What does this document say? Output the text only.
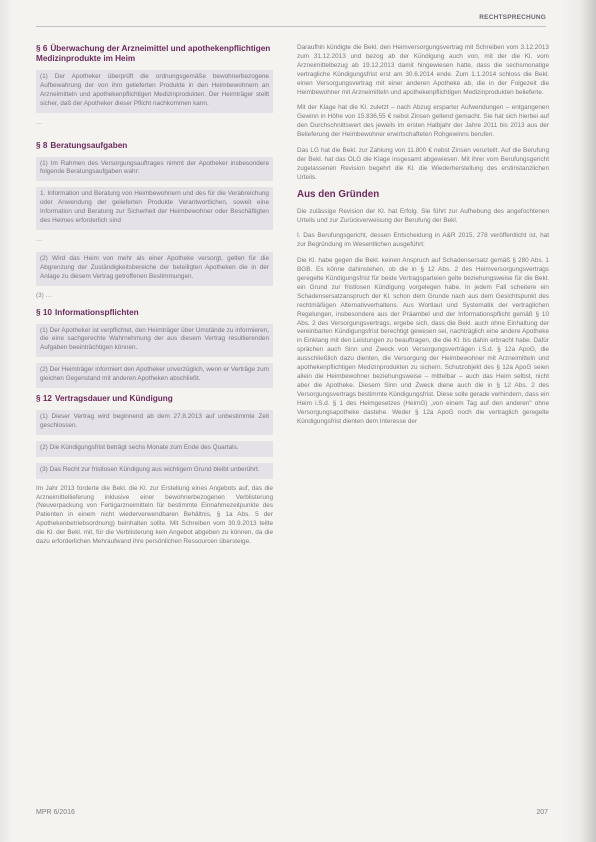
RECHTSPRECHUNG

§ 6 Überwachung der Arzneimittel und apothekenpflichtigen Medizinprodukte im Heim

(1) Der Apotheker überprüft die ordnungsgemäße bewohnerbezogene Aufbewahrung der von ihm gelieferten Produkte in den Heimbewohnern an Arzneimitteln und apothekenpflichtigen Medizinprodukten. Der Heimträger stellt sicher, daß der Apotheker dieser Pflicht nachkommen kann.

…

§ 8 Beratungsaufgaben

(1) Im Rahmen des Versorgungsauftrages nimmt der Apotheker insbesondere folgende Beratungsaufgaben wahr:

1. Information und Beratung von Heimbewohnern und des für die Verabreichung oder Anwendung der gelieferten Produkte Verantwortlichen, soweit eine Information und Beratung zur Sicherheit der Heimbewohner oder Beschäftigten des Heimes erforderlich sind

…

(2) Wird das Heim von mehr als einer Apotheke versorgt, gelten für die Abgrenzung der Zuständigkeitsbereiche der beteiligten Apotheken die in der Anlage zu diesem Vertrag getroffenen Bestimmungen.

(3) …

§ 10 Informationspflichten

(1) Der Apotheker ist verpflichtet, den Heimträger über Umstände zu informieren, die eine sachgerechte Wahrnehmung der aus diesem Vertrag resultierenden Aufgaben beeinträchtigen können.

(2) Der Heimträger informiert den Apotheker unverzüglich, wenn er Verträge zum gleichen Gegenstand mit anderen Apotheken abschließt.

§ 12 Vertragsdauer und Kündigung

(1) Dieser Vertrag wird beginnend ab dem 27.8.2013 auf unbestimmte Zeit geschlossen.

(2) Die Kündigungsfrist beträgt sechs Monate zum Ende des Quartals.

(3) Das Recht zur fristlosen Kündigung aus wichtigem Grund bleibt unberührt.

Im Jahr 2013 forderte die Bekl. die Kl. zur Erstellung eines Angebots auf, das die Arzneimittellieferung inklusive einer bewohnerbezogenen Verblisterung (Neuverpackung von Fertigarzneimitteln für bestimmte Einnahmezeitpunkte des Patienten in einem nicht wiederverwendbaren Behältnis, § 1a Abs. 5 der Apothekenbetriebsordnung) beinhalten sollte. Mit Schreiben vom 30.9.2013 teilte die Kl. der Bekl. mit, für die Verblisterung kein Angebot abgeben zu können, da die dazu erforderlichen Mehraufwand ihre persönlichen Ressourcen übersteige.

Daraufhin kündigte die Bekl. den Heimversorgungsvertrag mit Schreiben vom 3.12.2013 zum 31.12.2013 und bezog ab der Kündigung auch von, mit der die Kl. vom Arzneimittelbezug ab 19.12.2013 damit hingewiesen hatte, dass die sechsmonatige vertragliche Kündigungsfrist erst am 30.6.2014 ende. Zum 1.1.2014 schloss die Bekl. einen Versorgungsvertrag mit einer anderen Apotheke ab, die in der Folgezeit die Heimbewohner mit Arzneimitteln und apothekenpflichtigen Medizinprodukten belieferte.

Mit der Klage hat die Kl. zuletzt – nach Abzug ersparter Aufwendungen – entgangenen Gewinn in Höhe von 15.836,55 € nebst Zinsen geltend gemacht. Sie hat sich hierbei auf den Durchschnittswert des jeweils im ersten Halbjahr der Jahre 2011 bis 2013 aus der Belieferung der Heimbewohner erwirtschafteten Rohgewinns berufen.

Das LG hat die Bekl. zur Zahlung von 11.800 € nebst Zinsen verurteilt. Auf die Berufung der Bekl. hat das OLG die Klage insgesamt abgewiesen. Mit ihrer vom Berufungsgericht zugelassenen Revision begehrt die Kl. die Wiederherstellung des erstinstanzlichen Urteils.

Aus den Gründen

Die zulässige Revision der Kl. hat Erfolg. Sie führt zur Aufhebung des angefochtenen Urteils und zur Zurückverweisung der Berufung der Bekl.

I. Das Berufungsgericht, dessen Entscheidung in A&R 2015, 278 veröffentlicht ist, hat zur Begründung im Wesentlichen ausgeführt:

Die Kl. habe gegen die Bekl. keinen Anspruch auf Schadensersatz gemäß § 280 Abs. 1 BGB. Es könne dahinstehen, ob die in § 12 Abs. 2 des Heimversorgungsvertrags geregelte Kündigungsfrist für beide Vertragsparteien gelte beziehungsweise für die Bekl. ein Grund zur fristlosen Kündigung vorgelegen habe. In jedem Fall scheitere ein Schadensersatzanspruch der Kl. schon dem Grunde nach aus dem Gesichtspunkt des rechtmäßigen Alternativverhaltens. Aus Wortlaut und Systematik der vertraglichen Regelungen, insbesondere aus der Präambel und der Informationspflicht gemäß § 10 Abs. 2 des Versorgungsvertrags, ergebe sich, dass die Bekl. auch ohne Einhaltung der vereinbarten Kündigungsfrist berechtigt gewesen sei, nachträglich eine andere Apotheke in Einklang mit den Leistungen zu beauftragen, die die Kl. bis dahin erbracht habe. Dafür sprächen auch Sinn und Zweck von Versorgungsverträgen i.S.d. § 12a ApoG, die ausschließlich dazu dienten, die Versorgung der Heimbewohner mit Arzneimitteln und apothekenpflichtigen Medizinprodukten zu sichern. Schutzobjekt des § 12a ApoG seien allein die Heimbewohner beziehungsweise – mittelbar – auch das Heim selbst, nicht aber die Apotheke. Diesem Sinn und Zweck diene auch die in § 12 Abs. 2 des Versorgungsvertrags bestimmte Kündigungsfrist. Diese solle gerade verhindern, dass ein Heim i.S.d. § 1 des Heimgesetzes (HeimG) „von einem Tag auf den anderen" ohne Versorgungsapotheke dastehe. Weder § 12a ApoG noch die vertraglich geregelte Kündigungsfrist dienten dem Interesse der

MPR 6/2016	207
